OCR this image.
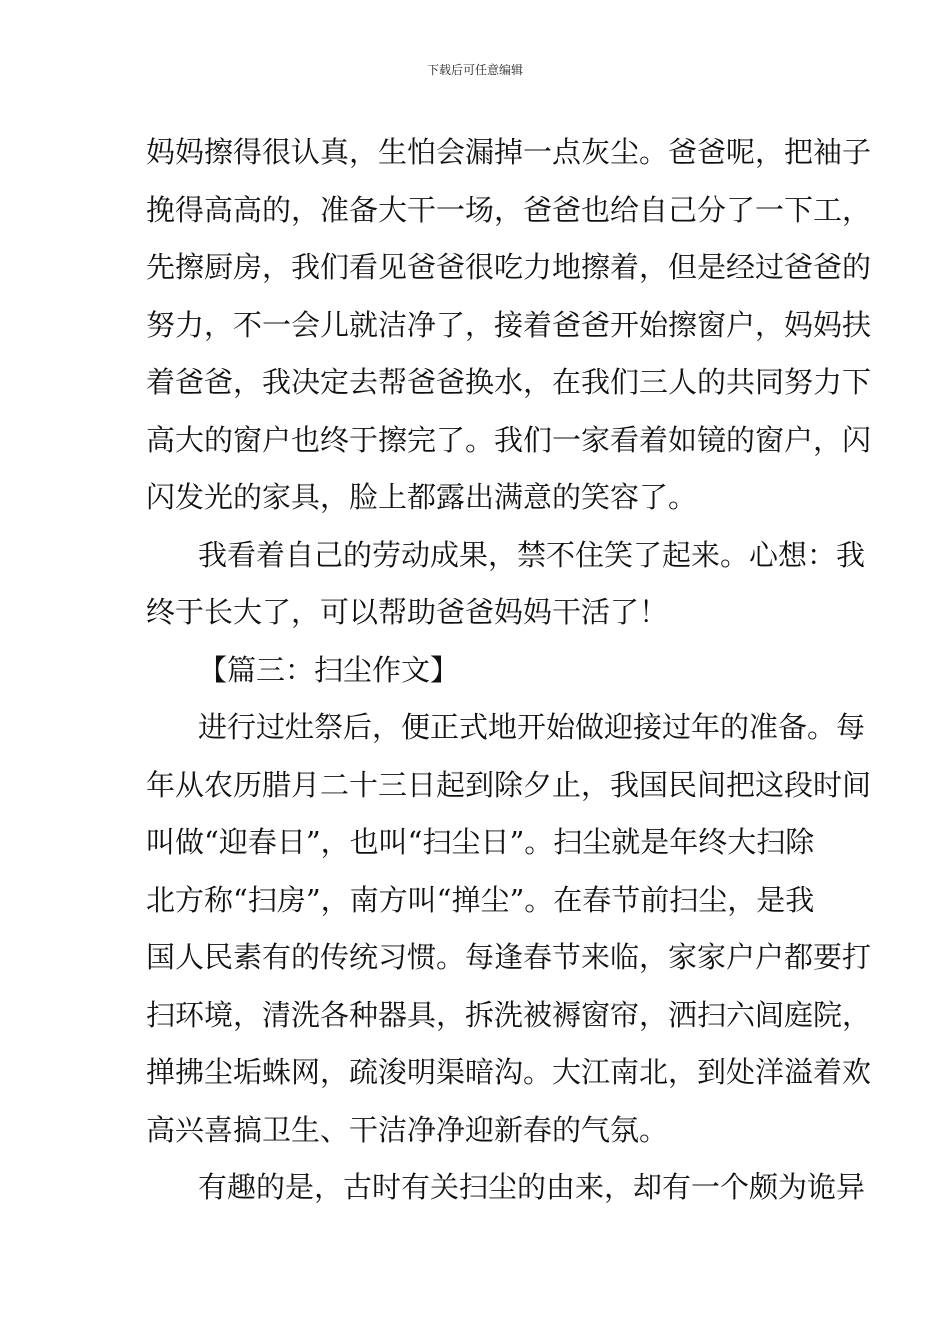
下载后可任意编辑
妈妈擦得很认真，生怕会漏掉一点灰尘。爸爸呢，把袖子
挽得高高的，准备大干一场，爸爸也给自己分了一下工，
先擦厨房，我们看见爸爸很吃力地擦着，但是经过爸爸的
努力，不一会儿就洁净了，接着爸爸开始擦窗户，妈妈扶
着爸爸，我决定去帮爸爸换水，在我们三人的共同努力下
高大的窗户也终于擦完了。我们一家看着如镜的窗户，闪
闪发光的家具，脸上都露出满意的笑容了。
我看着自己的劳动成果，禁不住笑了起来。心想：我
终于长大了，可以帮助爸爸妈妈干活了！
【篇三：扫尘作文】
进行过灶祭后，便正式地开始做迎接过年的准备。每
年从农历腊月二十三日起到除夕止，我国民间把这段时间
叫做“迎春日”，也叫“扫尘日”。扫尘就是年终大扫除
北方称“扫房”，南方叫“掸尘”。在春节前扫尘，是我
国人民素有的传统习惯。每逢春节来临，家家户户都要打
扫环境，清洗各种器具，拆洗被褥窗帘，洒扫六闾庭院，
掸拂尘垢蛛网，疏浚明渠暗沟。大江南北，到处洋溢着欢
高兴喜搞卫生、干洁净净迎新春的气氛。
有趣的是，古时有关扫尘的由来，却有一个颇为诡异
